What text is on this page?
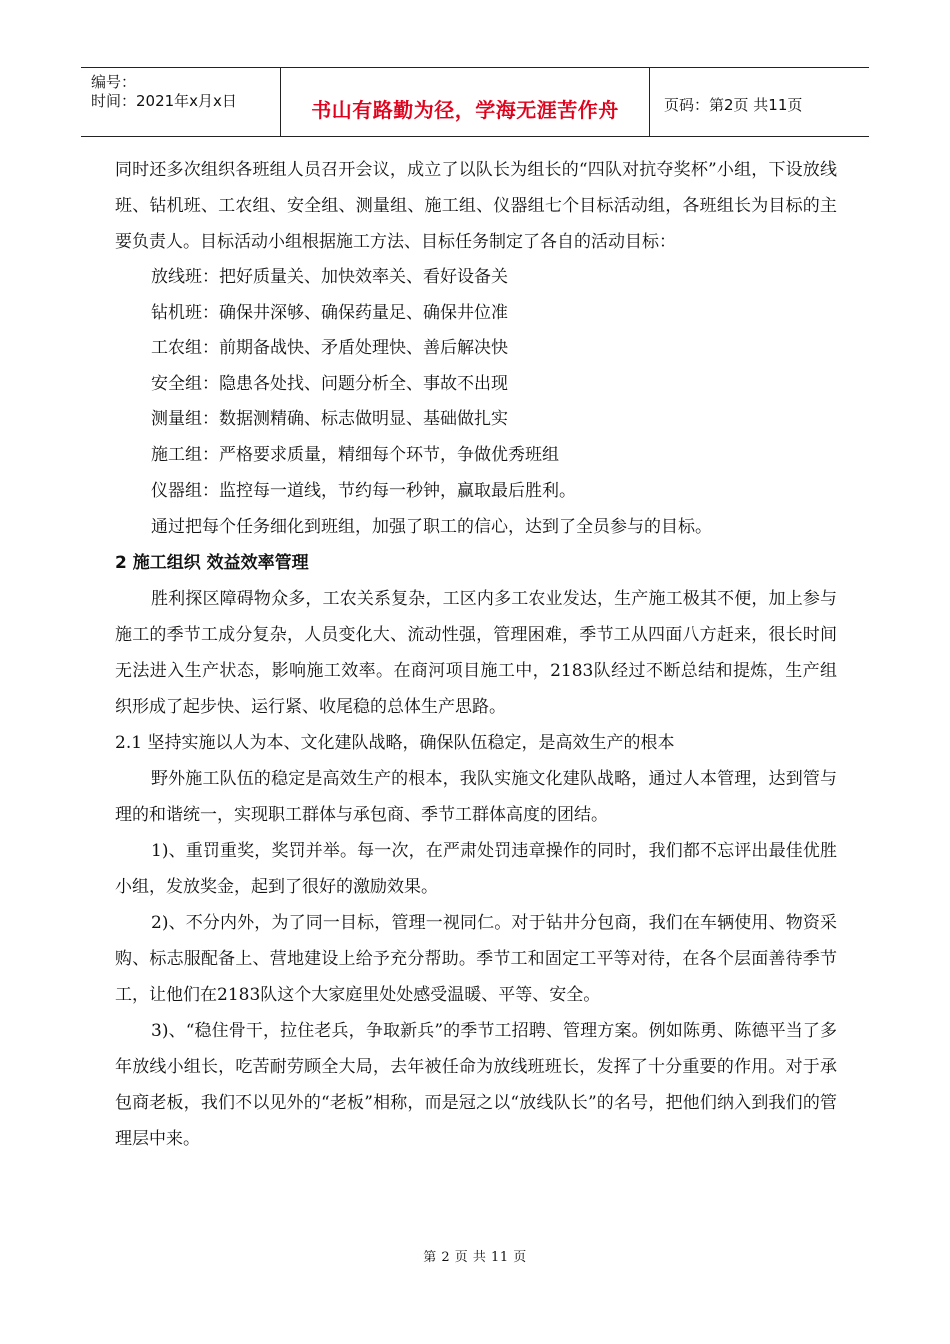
编号：
时间：2021年x月x日	书山有路勤为径，学海无涯苦作舟	页码：第2页 共11页

同时还多次组织各班组人员召开会议，成立了以队长为组长的“四队对抗夺奖杯”小组，下设放线班、钻机班、工农组、安全组、测量组、施工组、仪器组七个目标活动组，各班组长为目标的主要负责人。目标活动小组根据施工方法、目标任务制定了各自的活动目标：

放线班：把好质量关、加快效率关、看好设备关

钻机班：确保井深够、确保药量足、确保井位准

工农组：前期备战快、矛盾处理快、善后解决快

安全组：隐患各处找、问题分析全、事故不出现

测量组：数据测精确、标志做明显、基础做扎实

施工组：严格要求质量，精细每个环节，争做优秀班组

仪器组：监控每一道线，节约每一秒钟，赢取最后胜利。

通过把每个任务细化到班组，加强了职工的信心，达到了全员参与的目标。

2 施工组织 效益效率管理

胜利探区障碍物众多，工农关系复杂，工区内多工农业发达，生产施工极其不便，加上参与施工的季节工成分复杂，人员变化大、流动性强，管理困难，季节工从四面八方赶来，很长时间无法进入生产状态，影响施工效率。在商河项目施工中，2183队经过不断总结和提炼，生产组织形成了起步快、运行紧、收尾稳的总体生产思路。

2.1 坚持实施以人为本、文化建队战略，确保队伍稳定，是高效生产的根本

野外施工队伍的稳定是高效生产的根本，我队实施文化建队战略，通过人本管理，达到管与理的和谐统一，实现职工群体与承包商、季节工群体高度的团结。

1)、重罚重奖，奖罚并举。每一次，在严肃处罚违章操作的同时，我们都不忘评出最佳优胜小组，发放奖金，起到了很好的激励效果。

2)、不分内外，为了同一目标，管理一视同仁。对于钻井分包商，我们在车辆使用、物资采购、标志服配备上、营地建设上给予充分帮助。季节工和固定工平等对待，在各个层面善待季节工，让他们在2183队这个大家庭里处处感受温暖、平等、安全。

3)、“稳住骨干，拉住老兵，争取新兵”的季节工招聘、管理方案。例如陈勇、陈德平当了多年放线小组长，吃苦耐劳顾全大局，去年被任命为放线班班长，发挥了十分重要的作用。对于承包商老板，我们不以见外的“老板”相称，而是冠之以“放线队长”的名号，把他们纳入到我们的管理层中来。

第 2 页 共 11 页
